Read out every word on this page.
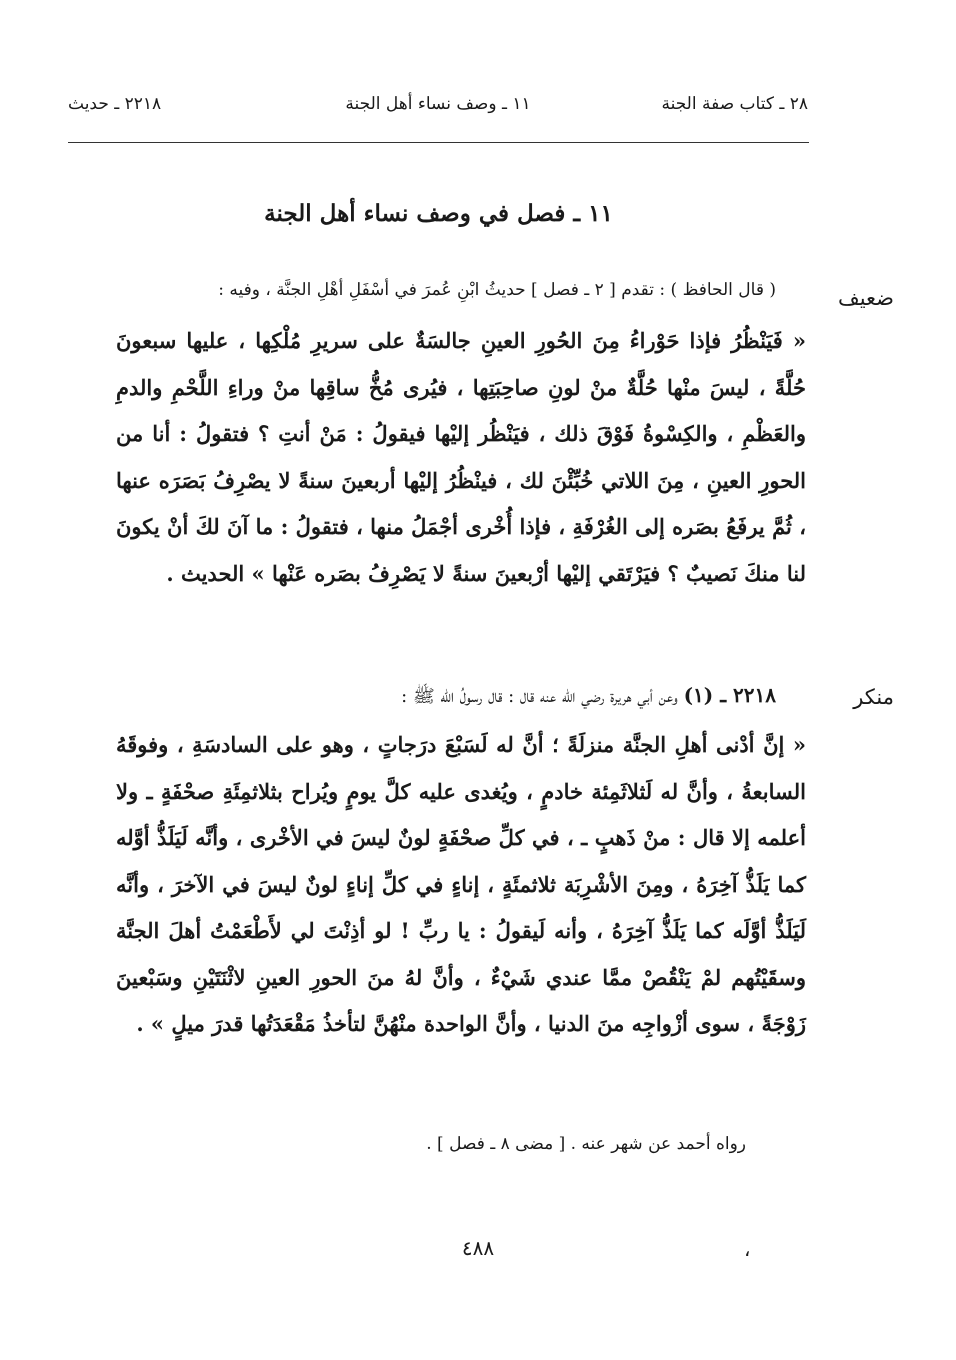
٢٨ ـ كتاب صفة الجنة
١١ ـ وصف نساء أهل الجنة
٢٢١٨ ـ حديث
١١ ـ فصل في وصف نساء أهل الجنة
ضعيف
( قال الحافظ ) : تقدم [ ٢ ـ فصل ] حديثُ ابْنِ عُمرَ في أسْفَلِ أهْلِ الجنَّة ، وفيه :
« فَيَنْظُرُ فإذا حَوْراءُ مِنَ الحُورِ العينِ جالسَةٌ على سريرِ مُلْكِها ، عليها سبعونَ حُلَّةً ، ليسَ منْها حُلَّةٌ منْ لونِ صاحِبَتِها ، فيُرى مُخُّ ساقِها منْ وراءِ اللَّحْمِ والدمِ والعَظْمِ ، والكِسْوةُ فَوْقَ ذلك ، فيَنْظُر إليْها فيقولُ : مَنْ أنتِ ؟ فتقولُ : أنا من الحورِ العينِ ، مِنَ اللاتي خُبِّئْنَ لك ، فينْظُرُ إليْها أربعينَ سنةً لا يصْرِفُ بَصَرَه عنها ، ثُمَّ يرفَعُ بصَره إلى الغُرْفَةِ ، فإذا أُخْرى أجْمَلُ منها ، فتقولُ : ما آنَ لكَ أنْ يكونَ لنا منكَ نَصيبٌ ؟ فيَرْتَقي إليْها أرْبعينَ سنةً لا يَصْرِفُ بصَره عَنْها » الحديث .
منكر
٢٢١٨ ـ (١) وعن أبي هريرة رضي الله عنه قال : قال رسولُ الله ﷺ :
« إنَّ أدْنى أهلِ الجنَّة منزلَةً ؛ أنَّ له لَسَبْعَ درَجاتٍ ، وهو على السادسَةِ ، وفوقَهُ السابعةُ ، وأنَّ له لَثلاثَمِئة خادمٍ ، ويُغدى عليه كلَّ يومٍ ويُراح بثلاثمِئَةِ صحْفَةٍ ـ ولا أعلمه إلا قال : منْ ذَهبٍ ـ ، في كلِّ صحْفَةٍ لونٌ ليسَ في الأخْرى ، وأنَّه لَيَلَذُّ أوَّله كما يَلَذُّ آخِرَهُ ، ومِنَ الأشْرِبَة ثلاثمئَةٍ ، إناءٍ في كلِّ إناءٍ لونٌ ليسَ في الآخرَ ، وأنَّه لَيَلَذُّ أوَّلَه كما يَلَذُّ آخِرَهُ ، وأنه لَيقولُ : يا ربِّ ! لو أذِنْتَ لي لأَطْعَمْتُ أهلَ الجنَّة وسقَيْتُهم لمْ يَنْقُصْ ممَّا عندي شَيْءٌ ، وأنَّ لهُ منَ الحورِ العينِ لاثْنَتَيْنِ وسَبْعينَ زَوْجَةً ، سوى أزْواجِه منَ الدنيا ، وأنَّ الواحدة منْهُنَّ لتأخذُ مَقْعَدَتُها قدرَ ميلٍ » .
رواه أحمد عن شهر عنه . [ مضى ٨ ـ فصل ] .
٤٨٨	،
